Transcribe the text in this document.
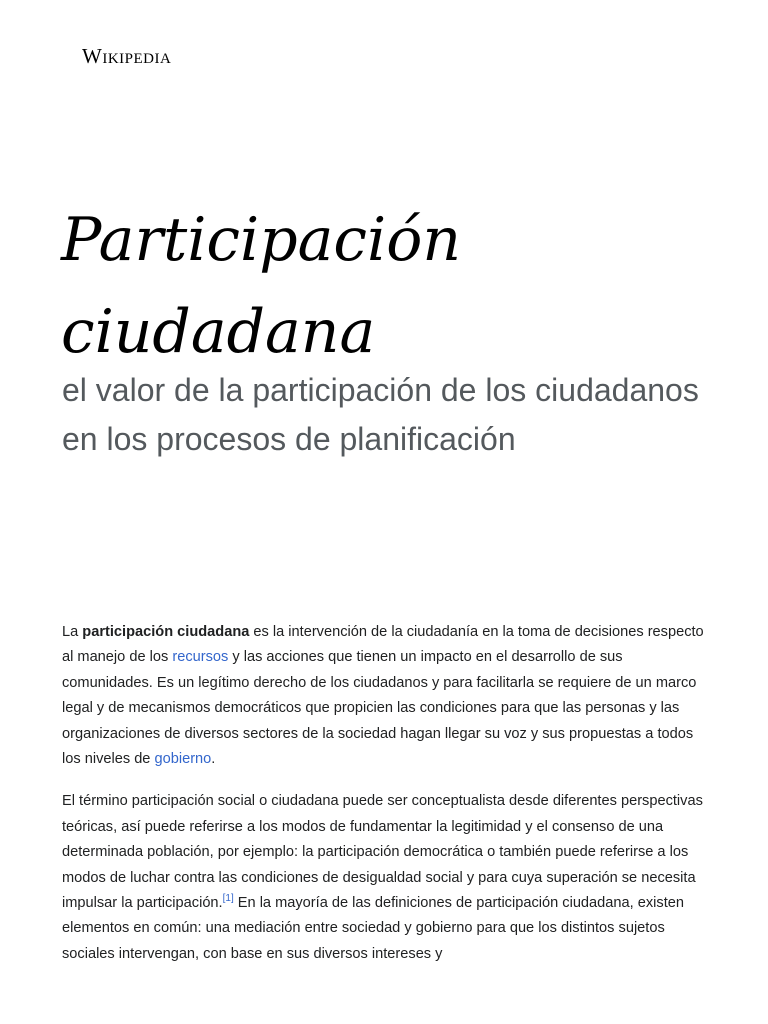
Wikipedia
Participación
ciudadana
el valor de la participación de los ciudadanos en los procesos de planificación

La participación ciudadana es la intervención de la ciudadanía en la toma de decisiones respecto al manejo de los recursos y las acciones que tienen un impacto en el desarrollo de sus comunidades. Es un legítimo derecho de los ciudadanos y para facilitarla se requiere de un marco legal y de mecanismos democráticos que propicien las condiciones para que las personas y las organizaciones de diversos sectores de la sociedad hagan llegar su voz y sus propuestas a todos los niveles de gobierno.

El término participación social o ciudadana puede ser conceptualista desde diferentes perspectivas teóricas, así puede referirse a los modos de fundamentar la legitimidad y el consenso de una determinada población, por ejemplo: la participación democrática o también puede referirse a los modos de luchar contra las condiciones de desigualdad social y para cuya superación se necesita impulsar la participación.[1] En la mayoría de las definiciones de participación ciudadana, existen elementos en común: una mediación entre sociedad y gobierno para que los distintos sujetos sociales intervengan, con base en sus diversos intereses y
